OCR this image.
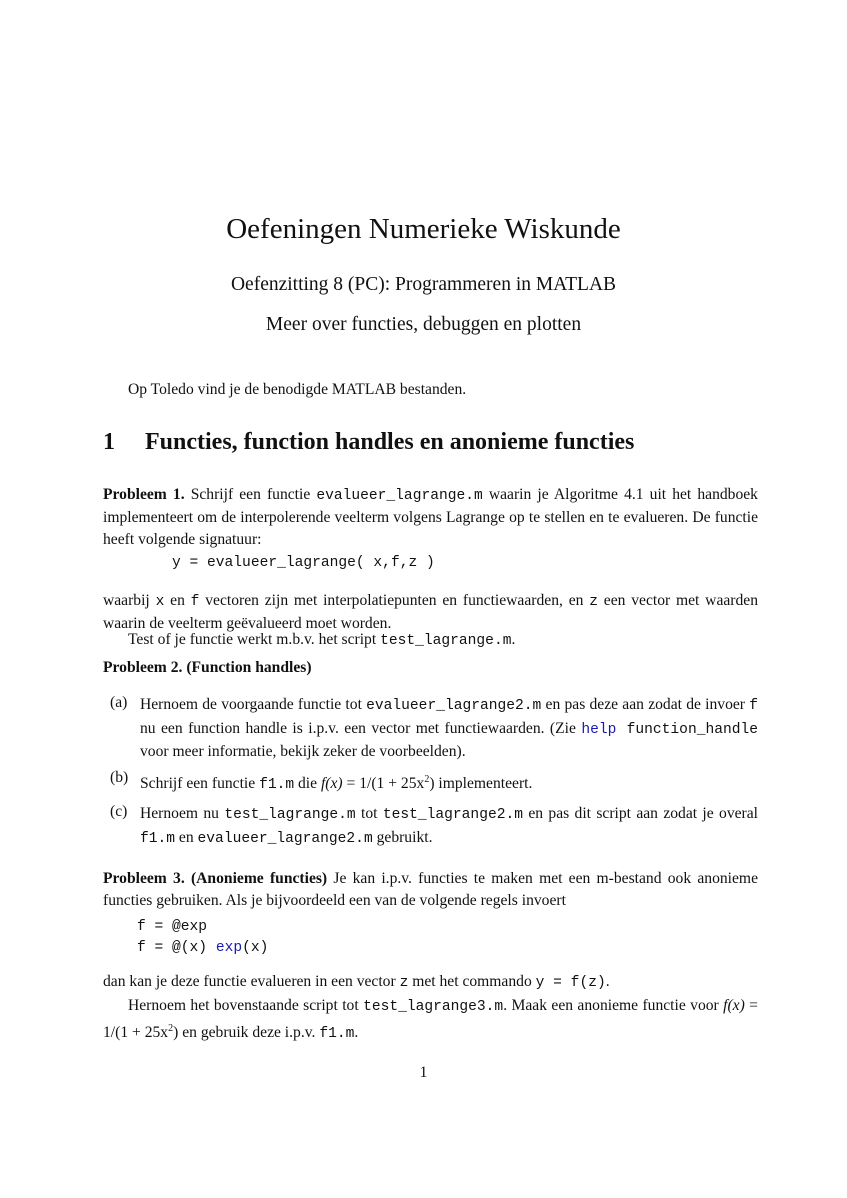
Oefeningen Numerieke Wiskunde
Oefenzitting 8 (PC): Programmeren in MATLAB
Meer over functies, debuggen en plotten
Op Toledo vind je de benodigde MATLAB bestanden.
1 Functies, function handles en anonieme functies
Probleem 1. Schrijf een functie evalueer_lagrange.m waarin je Algoritme 4.1 uit het handboek implementeert om de interpolerende veelterm volgens Lagrange op te stellen en te evalueren. De functie heeft volgende signatuur:
y = evalueer_lagrange( x,f,z )
waarbij x en f vectoren zijn met interpolatiepunten en functiewaarden, en z een vector met waarden waarin de veelterm geëvalueerd moet worden.
Test of je functie werkt m.b.v. het script test_lagrange.m.
Probleem 2. (Function handles)
(a) Hernoem de voorgaande functie tot evalueer_lagrange2.m en pas deze aan zodat de invoer f nu een function handle is i.p.v. een vector met functiewaarden. (Zie help function_handle voor meer informatie, bekijk zeker de voorbeelden).
(b) Schrijf een functie f1.m die $f(x) = 1/(1 + 25x^2)$ implementeert.
(c) Hernoem nu test_lagrange.m tot test_lagrange2.m en pas dit script aan zodat je overal f1.m en evalueer_lagrange2.m gebruikt.
Probleem 3. (Anonieme functies) Je kan i.p.v. functies te maken met een m-bestand ook anonieme functies gebruiken. Als je bijvoordeeld een van de volgende regels invoert
f = @exp
f = @(x) exp(x)
dan kan je deze functie evalueren in een vector z met het commando y = f(z).
Hernoem het bovenstaande script tot test_lagrange3.m. Maak een anonieme functie voor $f(x) = 1/(1 + 25x^2)$ en gebruik deze i.p.v. f1.m.
1
